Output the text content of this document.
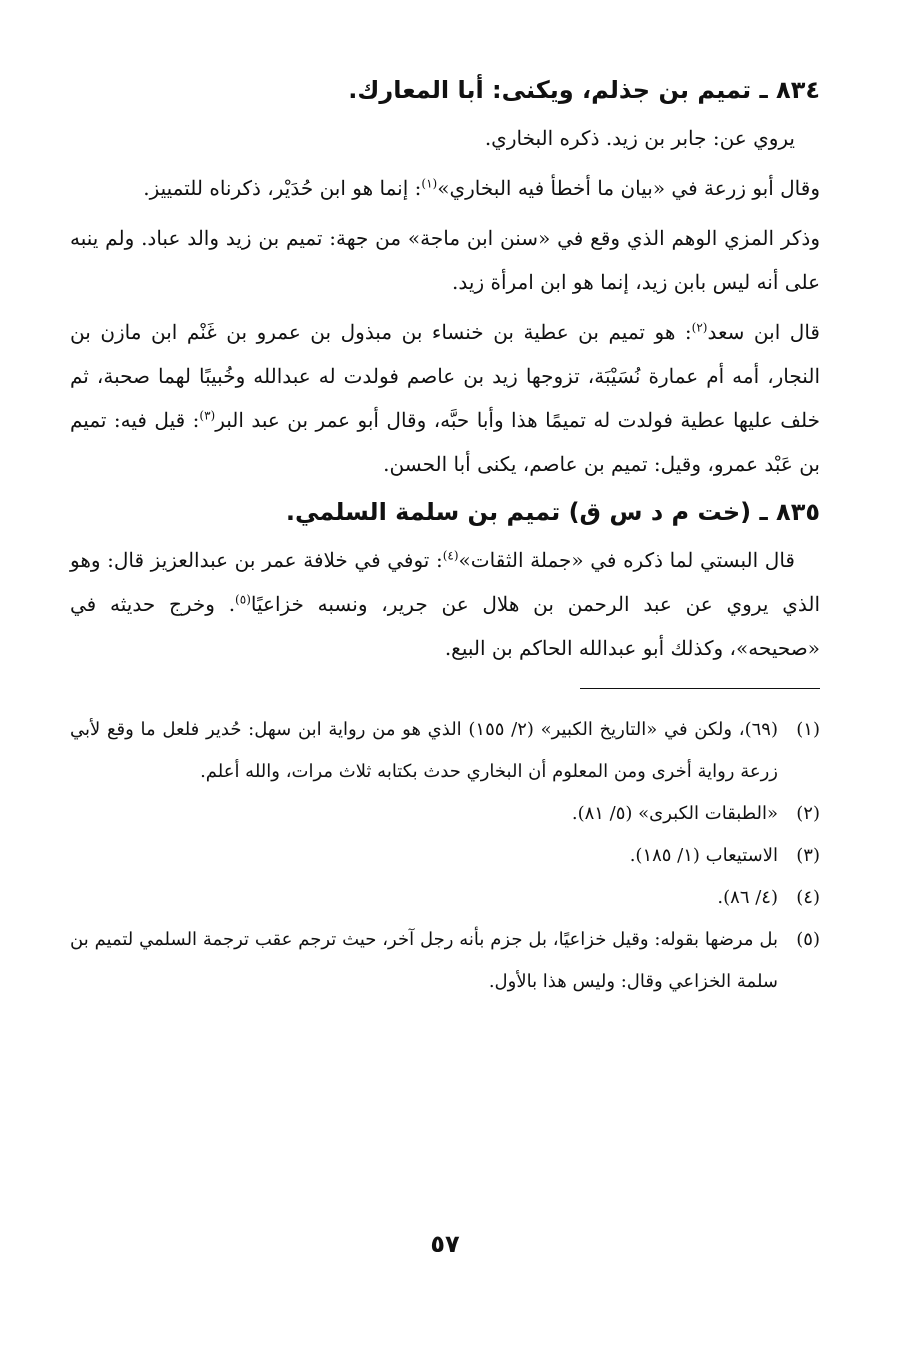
٨٣٤ ـ تميم بن جذلم، ويكنى: أبا المعارك.

يروي عن: جابر بن زيد. ذكره البخاري.

وقال أبو زرعة في «بيان ما أخطأ فيه البخاري»$^{(١)}$: إنما هو ابن حُدَيْر، ذكرناه للتمييز.

وذكر المزي الوهم الذي وقع في «سنن ابن ماجة» من جهة: تميم بن زيد والد عباد. ولم ينبه على أنه ليس بابن زيد، إنما هو ابن امرأة زيد.

قال ابن سعد$^{(٢)}$: هو تميم بن عطية بن خنساء بن مبذول بن عمرو بن غَنْم ابن مازن بن النجار، أمه أم عمارة نُسَيْبَة، تزوجها زيد بن عاصم فولدت له عبدالله وخُبيبًا لهما صحبة، ثم خلف عليها عطية فولدت له تميمًا هذا وأبا حبَّه، وقال أبو عمر بن عبد البر$^{(٣)}$: قيل فيه: تميم بن عَبْد عمرو، وقيل: تميم بن عاصم، يكنى أبا الحسن.

٨٣٥ ـ (خت م د س ق) تميم بن سلمة السلمي.

قال البستي لما ذكره في «جملة الثقات»$^{(٤)}$: توفي في خلافة عمر بن عبدالعزيز قال: وهو الذي يروي عن عبد الرحمن بن هلال عن جرير، ونسبه خزاعيًا$^{(٥)}$. وخرج حديثه في «صحيحه»، وكذلك أبو عبدالله الحاكم بن البيع.

(١)
(٦٩)، ولكن في «التاريخ الكبير» (٢/ ١٥٥) الذي هو من رواية ابن سهل: حُدير فلعل ما وقع لأبي زرعة رواية أخرى ومن المعلوم أن البخاري حدث بكتابه ثلاث مرات، والله أعلم.

(٢)
«الطبقات الكبرى» (٥/ ٨١).

(٣)
الاستيعاب (١/ ١٨٥).

(٤)
(٤/ ٨٦).

(٥)
بل مرضها بقوله: وقيل خزاعيًا، بل جزم بأنه رجل آخر، حيث ترجم عقب ترجمة السلمي لتميم بن سلمة الخزاعي وقال: وليس هذا بالأول.

٥٧
